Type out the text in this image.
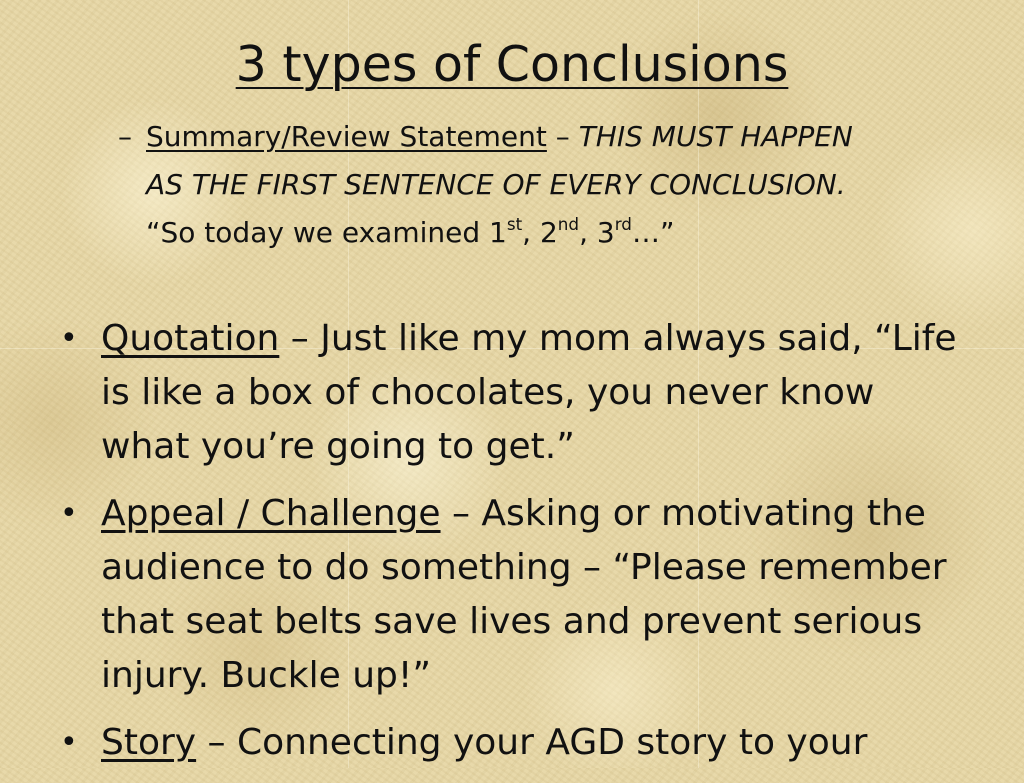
3 types of Conclusions
– Summary/Review Statement – THIS MUST HAPPEN AS THE FIRST SENTENCE OF EVERY CONCLUSION. “So today we examined 1st, 2nd, 3rd…”
• Quotation – Just like my mom always said, “Life is like a box of chocolates, you never know what you’re going to get.”
• Appeal / Challenge – Asking or motivating the audience to do something – “Please remember that seat belts save lives and prevent serious injury. Buckle up!”
• Story – Connecting your AGD story to your
